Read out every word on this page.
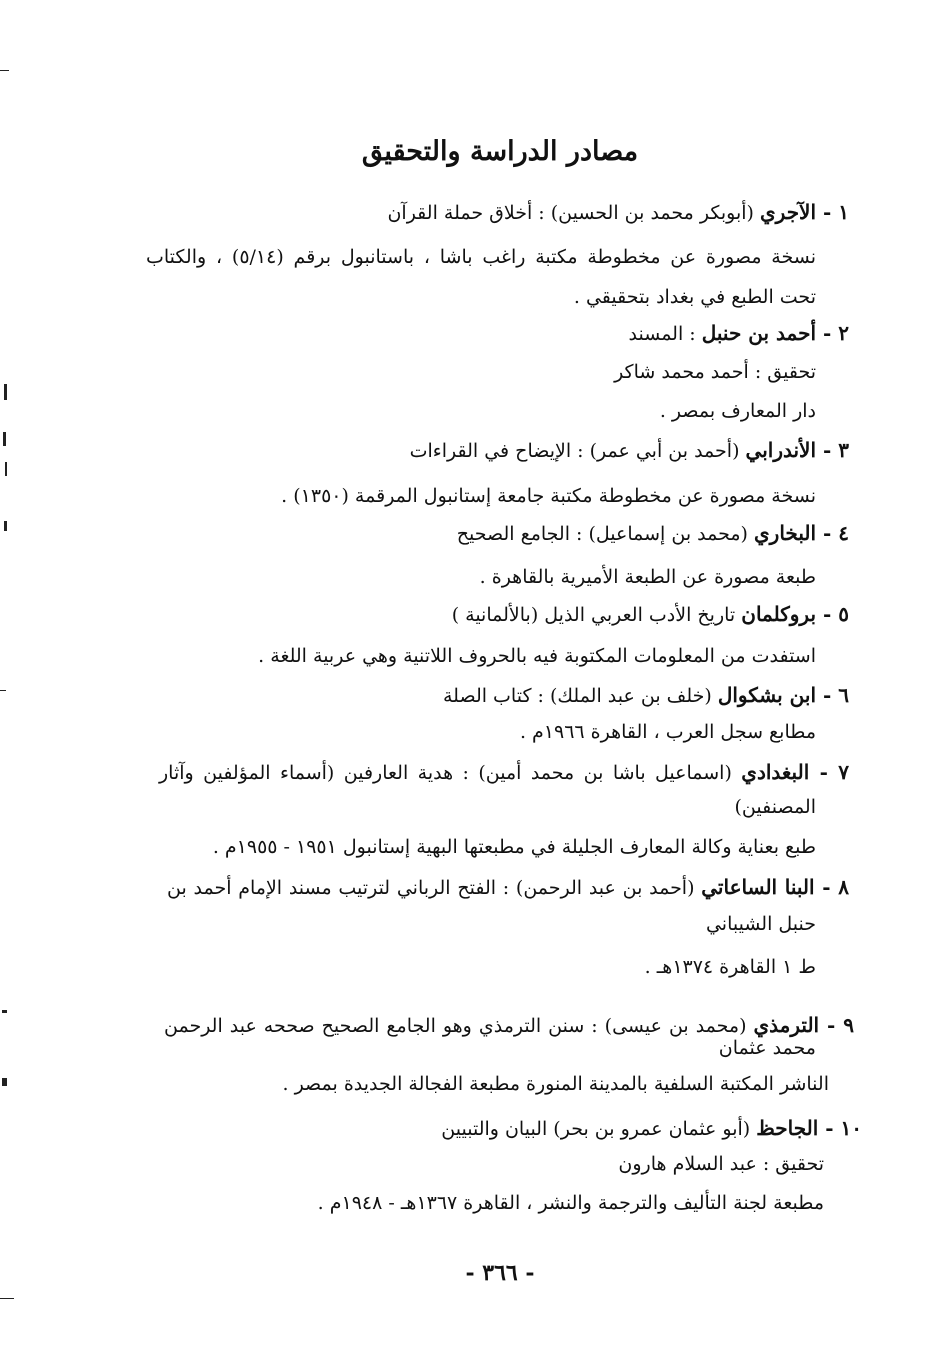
مصادر الدراسة والتحقيق
١ - الآجري (أبوبكر محمد بن الحسين) : أخلاق حملة القرآن
نسخة مصورة عن مخطوطة مكتبة راغب باشا ، باستانبول برقم (٥/١٤) ، والكتاب
تحت الطبع في بغداد بتحقيقي .
٢ - أحمد بن حنبل : المسند
تحقيق : أحمد محمد شاكر
دار المعارف بمصر .
٣ - الأندرابي (أحمد بن أبي عمر) : الإيضاح في القراءات
نسخة مصورة عن مخطوطة مكتبة جامعة إستانبول المرقمة (١٣٥٠) .
٤ - البخاري (محمد بن إسماعيل) : الجامع الصحيح
طبعة مصورة عن الطبعة الأميرية بالقاهرة .
٥ - بروكلمان تاريخ الأدب العربي الذيل (بالألمانية )
استفدت من المعلومات المكتوبة فيه بالحروف اللاتنية وهي عربية اللغة .
٦ - ابن بشكوال (خلف بن عبد الملك) : كتاب الصلة
مطابع سجل العرب ، القاهرة ١٩٦٦م .
٧ - البغدادي (اسماعيل باشا بن محمد أمين) : هدية العارفين (أسماء المؤلفين وآثار
المصنفين)
طبع بعناية وكالة المعارف الجليلة في مطبعتها البهية إستانبول ١٩٥١ - ١٩٥٥م .
٨ - البنا الساعاتي (أحمد بن عبد الرحمن) : الفتح الرباني لترتيب مسند الإمام أحمد بن
حنبل الشيباني
ط ١ القاهرة ١٣٧٤هـ .
٩ - الترمذي (محمد بن عيسى) : سنن الترمذي وهو الجامع الصحيح صححه عبد الرحمن
محمد عثمان
الناشر المكتبة السلفية بالمدينة المنورة مطبعة الفجالة الجديدة بمصر .
١٠ - الجاحظ (أبو عثمان عمرو بن بحر) البيان والتبيين
تحقيق : عبد السلام هارون
مطبعة لجنة التأليف والترجمة والنشر ، القاهرة ١٣٦٧هـ - ١٩٤٨م .
- ٣٦٦ -
